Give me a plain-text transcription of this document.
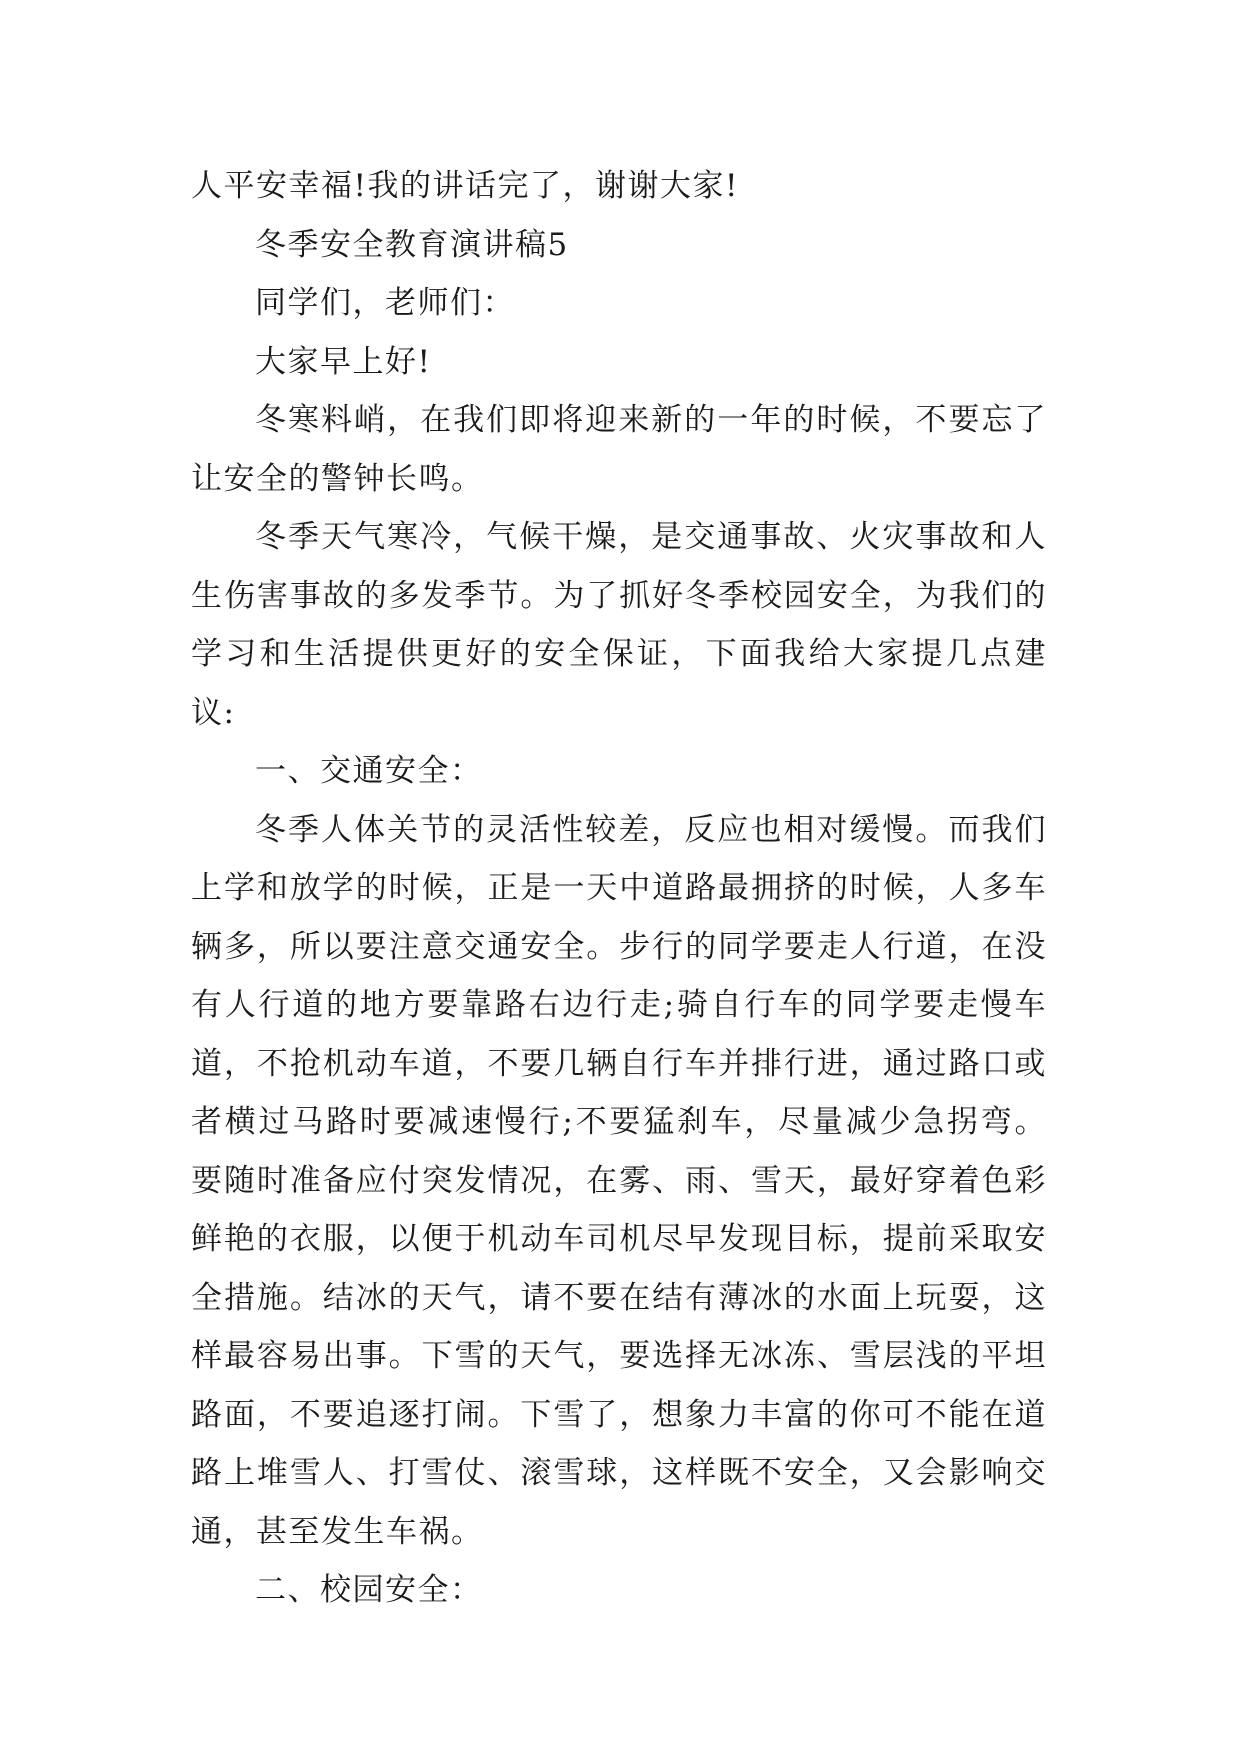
人平安幸福!我的讲话完了，谢谢大家!

冬季安全教育演讲稿5

同学们，老师们：

大家早上好!

冬寒料峭，在我们即将迎来新的一年的时候，不要忘了让安全的警钟长鸣。

冬季天气寒冷，气候干燥，是交通事故、火灾事故和人生伤害事故的多发季节。为了抓好冬季校园安全，为我们的学习和生活提供更好的安全保证，下面我给大家提几点建议:

一、交通安全：

冬季人体关节的灵活性较差，反应也相对缓慢。而我们上学和放学的时候，正是一天中道路最拥挤的时候，人多车辆多，所以要注意交通安全。步行的同学要走人行道，在没有人行道的地方要靠路右边行走;骑自行车的同学要走慢车道，不抢机动车道，不要几辆自行车并排行进，通过路口或者横过马路时要减速慢行;不要猛刹车，尽量减少急拐弯。要随时准备应付突发情况，在雾、雨、雪天，最好穿着色彩鲜艳的衣服，以便于机动车司机尽早发现目标，提前采取安全措施。结冰的天气，请不要在结有薄冰的水面上玩耍，这样最容易出事。下雪的天气，要选择无冰冻、雪层浅的平坦路面，不要追逐打闹。下雪了，想象力丰富的你可不能在道路上堆雪人、打雪仗、滚雪球，这样既不安全，又会影响交通，甚至发生车祸。

二、校园安全：
